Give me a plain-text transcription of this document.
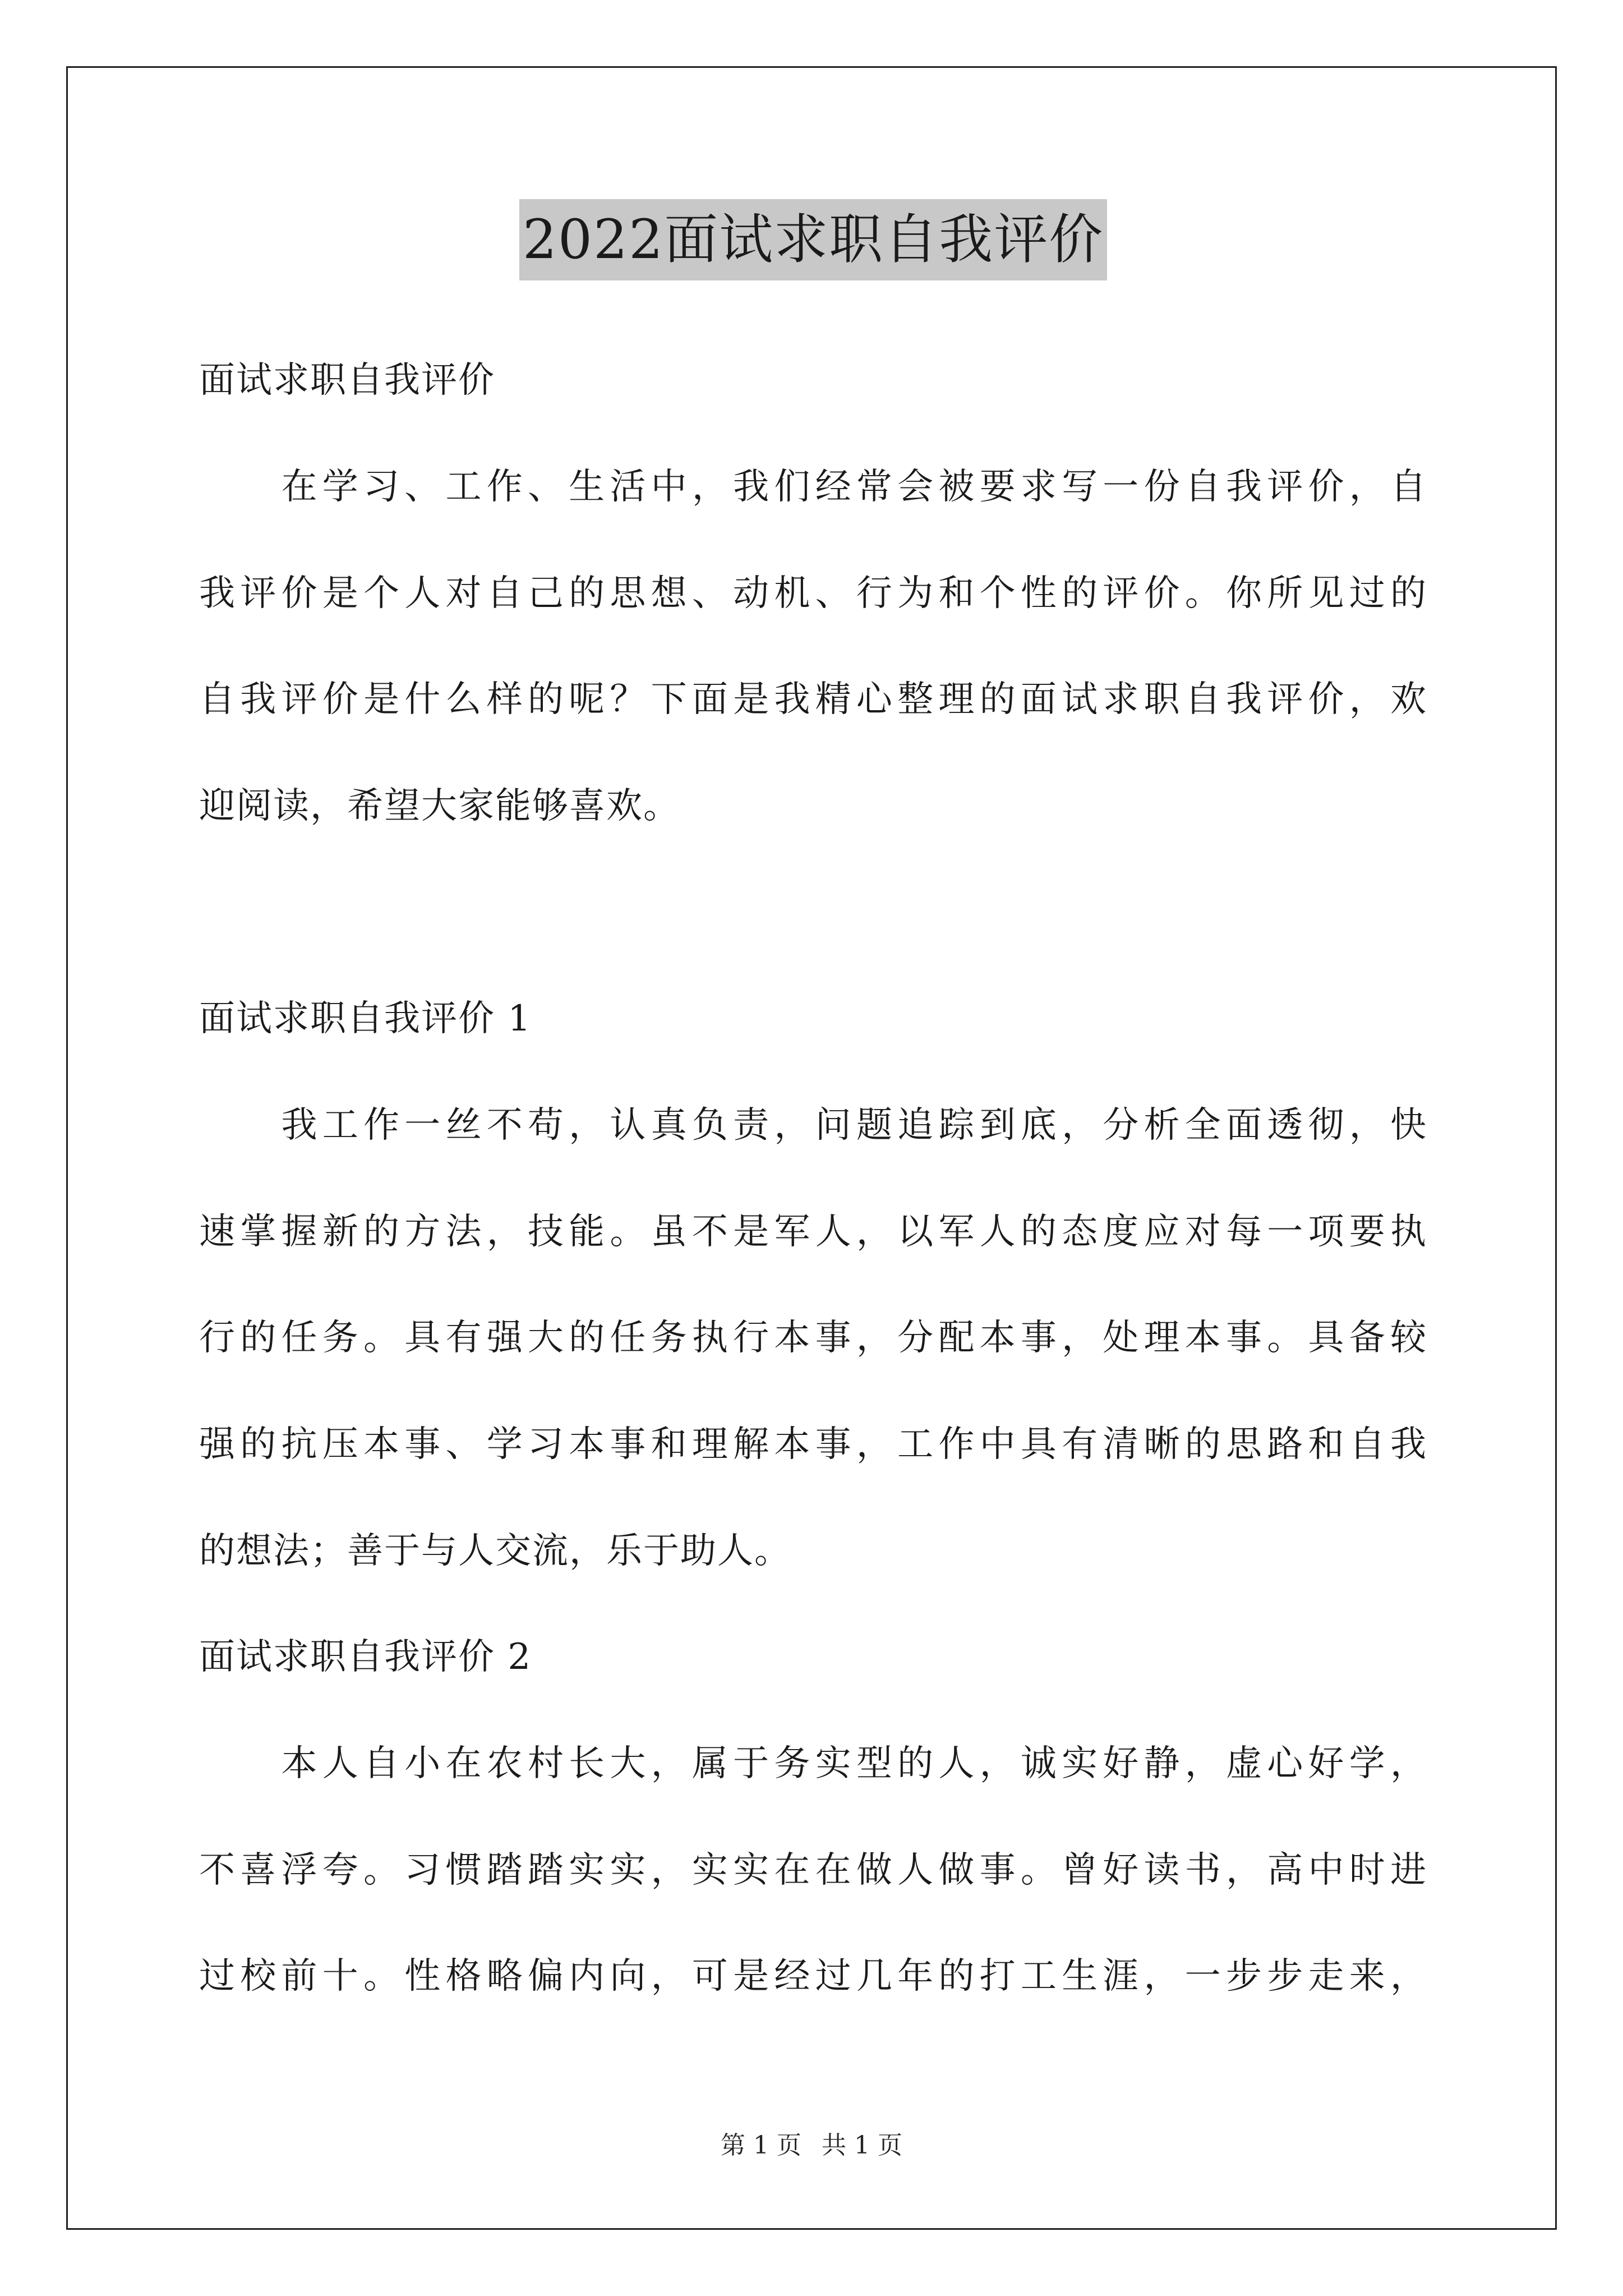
2022面试求职自我评价
面试求职自我评价
　　在学习、工作、生活中，我们经常会被要求写一份自我评价，自
我评价是个人对自己的思想、动机、行为和个性的评价。你所见过的
自我评价是什么样的呢？下面是我精心整理的面试求职自我评价，欢
迎阅读，希望大家能够喜欢。
面试求职自我评价 1
　　我工作一丝不苟，认真负责，问题追踪到底，分析全面透彻，快
速掌握新的方法，技能。虽不是军人，以军人的态度应对每一项要执
行的任务。具有强大的任务执行本事，分配本事，处理本事。具备较
强的抗压本事、学习本事和理解本事，工作中具有清晰的思路和自我
的想法；善于与人交流，乐于助人。
面试求职自我评价 2
　　本人自小在农村长大，属于务实型的人，诚实好静，虚心好学，
不喜浮夸。习惯踏踏实实，实实在在做人做事。曾好读书，高中时进
过校前十。性格略偏内向，可是经过几年的打工生涯，一步步走来，
第 1 页 共 1 页
